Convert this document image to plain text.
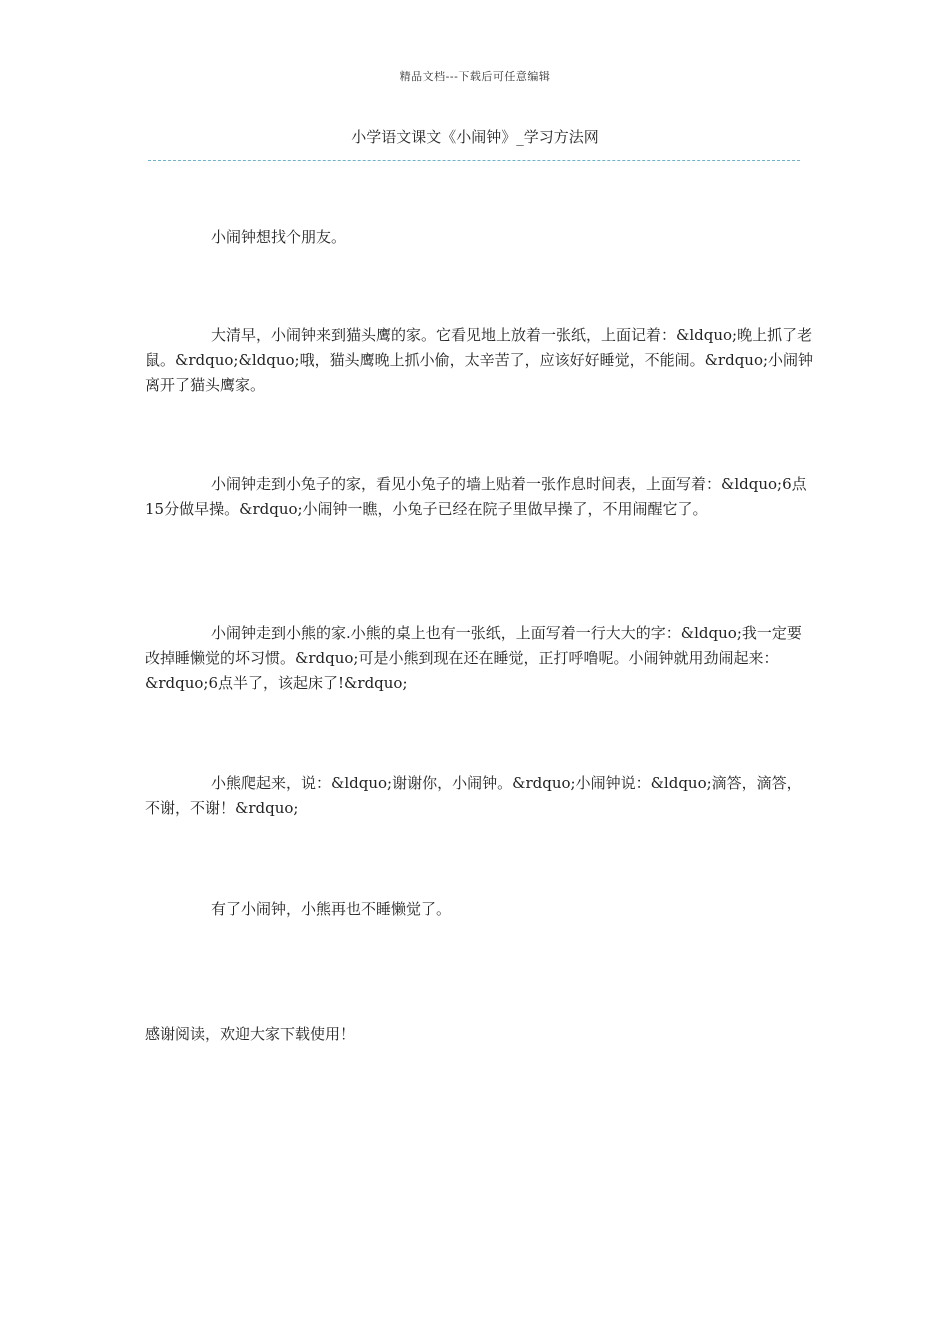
精品文档---下载后可任意编辑
小学语文课文《小闹钟》_学习方法网

小闹钟想找个朋友。

大清早，小闹钟来到猫头鹰的家。它看见地上放着一张纸，上面记着：&ldquo;晚上抓了老鼠。&rdquo;&ldquo;哦，猫头鹰晚上抓小偷，太辛苦了，应该好好睡觉，不能闹。&rdquo;小闹钟离开了猫头鹰家。

小闹钟走到小兔子的家，看见小兔子的墙上贴着一张作息时间表，上面写着：&ldquo;6点15分做早操。&rdquo;小闹钟一瞧，小兔子已经在院子里做早操了，不用闹醒它了。

小闹钟走到小熊的家.小熊的桌上也有一张纸，上面写着一行大大的字：&ldquo;我一定要改掉睡懒觉的坏习惯。&rdquo;可是小熊到现在还在睡觉，正打呼噜呢。小闹钟就用劲闹起来：&rdquo;6点半了，该起床了!&rdquo;

小熊爬起来，说：&ldquo;谢谢你，小闹钟。&rdquo;小闹钟说：&ldquo;滴答，滴答，不谢，不谢！&rdquo;

有了小闹钟，小熊再也不睡懒觉了。

感谢阅读，欢迎大家下载使用！
